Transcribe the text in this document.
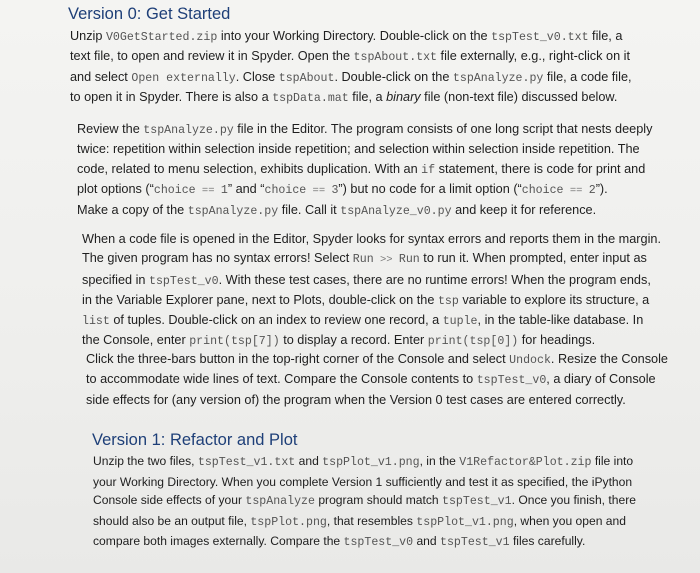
Version 0: Get Started

Unzip V0GetStarted.zip into your Working Directory. Double-click on the tspTest_v0.txt file, a
text file, to open and review it in Spyder. Open the tspAbout.txt file externally, e.g., right-click on it
and select Open externally. Close tspAbout. Double-click on the tspAnalyze.py file, a code file,
to open it in Spyder. There is also a tspData.mat file, a binary file (non-text file) discussed below.

Review the tspAnalyze.py file in the Editor. The program consists of one long script that nests deeply
twice: repetition within selection inside repetition; and selection within selection inside repetition. The
code, related to menu selection, exhibits duplication. With an if statement, there is code for print and
plot options (“choice == 1” and “choice == 3”) but no code for a limit option (“choice == 2”).
Make a copy of the tspAnalyze.py file. Call it tspAnalyze_v0.py and keep it for reference.

When a code file is opened in the Editor, Spyder looks for syntax errors and reports them in the margin.
The given program has no syntax errors! Select Run >> Run to run it. When prompted, enter input as
specified in tspTest_v0. With these test cases, there are no runtime errors! When the program ends,
in the Variable Explorer pane, next to Plots, double-click on the tsp variable to explore its structure, a
list of tuples. Double-click on an index to review one record, a tuple, in the table-like database. In
the Console, enter print(tsp[7]) to display a record. Enter print(tsp[0]) for headings.

Click the three-bars button in the top-right corner of the Console and select Undock. Resize the Console
to accommodate wide lines of text. Compare the Console contents to tspTest_v0, a diary of Console
side effects for (any version of) the program when the Version 0 test cases are entered correctly.

Version 1: Refactor and Plot

Unzip the two files, tspTest_v1.txt and tspPlot_v1.png, in the V1Refactor&Plot.zip file into
your Working Directory. When you complete Version 1 sufficiently and test it as specified, the iPython
Console side effects of your tspAnalyze program should match tspTest_v1. Once you finish, there
should also be an output file, tspPlot.png, that resembles tspPlot_v1.png, when you open and
compare both images externally. Compare the tspTest_v0 and tspTest_v1 files carefully.
